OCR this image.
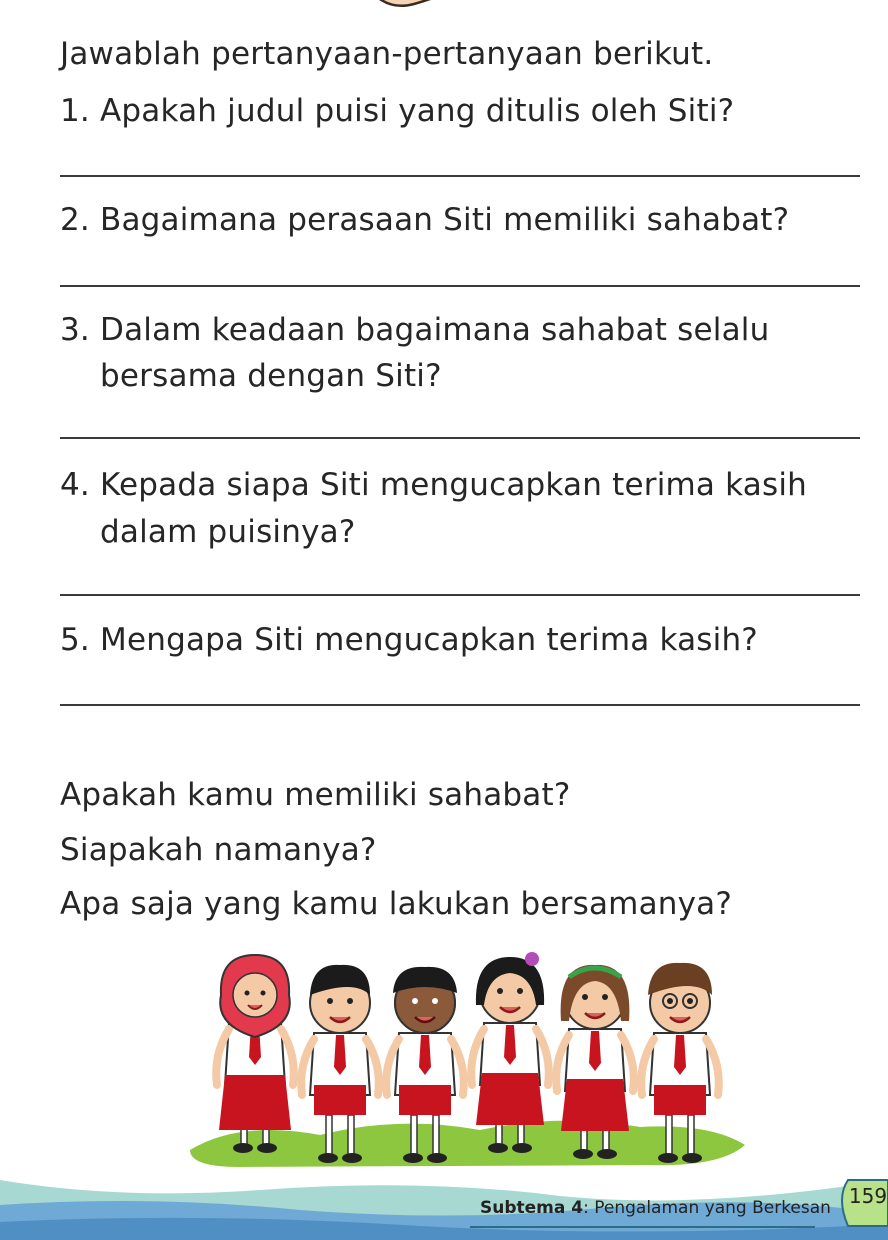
Jawablah pertanyaan-pertanyaan berikut.
1. Apakah judul puisi yang ditulis oleh Siti?
2. Bagaimana perasaan Siti memiliki sahabat?
3. Dalam keadaan bagaimana sahabat selalu
bersama dengan Siti?
4. Kepada siapa Siti mengucapkan terima kasih
dalam puisinya?
5. Mengapa Siti mengucapkan terima kasih?
Apakah kamu memiliki sahabat?
Siapakah namanya?
Apa saja yang kamu lakukan bersamanya?
Subtema 4: Pengalaman yang Berkesan 159
